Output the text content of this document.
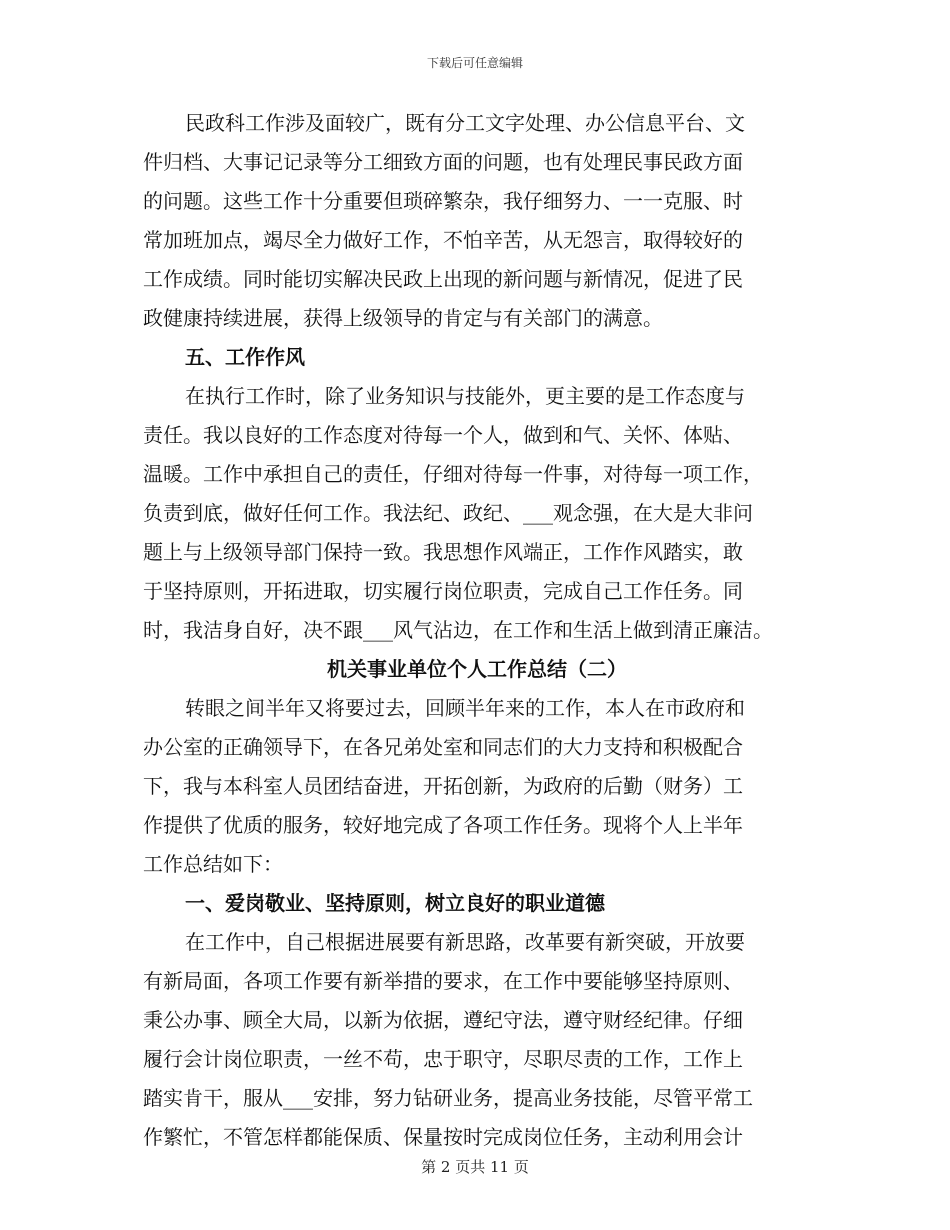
下载后可任意编辑
民政科工作涉及面较广，既有分工文字处理、办公信息平台、文
件归档、大事记记录等分工细致方面的问题，也有处理民事民政方面
的问题。这些工作十分重要但琐碎繁杂，我仔细努力、一一克服、时
常加班加点，竭尽全力做好工作，不怕辛苦，从无怨言，取得较好的
工作成绩。同时能切实解决民政上出现的新问题与新情况，促进了民
政健康持续进展，获得上级领导的肯定与有关部门的满意。
五、工作作风
在执行工作时，除了业务知识与技能外，更主要的是工作态度与
责任。我以良好的工作态度对待每一个人，做到和气、关怀、体贴、
温暖。工作中承担自己的责任，仔细对待每一件事，对待每一项工作，
负责到底，做好任何工作。我法纪、政纪、___观念强，在大是大非问
题上与上级领导部门保持一致。我思想作风端正，工作作风踏实，敢
于坚持原则，开拓进取，切实履行岗位职责，完成自己工作任务。同
时，我洁身自好，决不跟___风气沾边，在工作和生活上做到清正廉洁。
机关事业单位个人工作总结（二）
转眼之间半年又将要过去，回顾半年来的工作，本人在市政府和
办公室的正确领导下，在各兄弟处室和同志们的大力支持和积极配合
下，我与本科室人员团结奋进，开拓创新，为政府的后勤（财务）工
作提供了优质的服务，较好地完成了各项工作任务。现将个人上半年
工作总结如下：
一、爱岗敬业、坚持原则，树立良好的职业道德
在工作中，自己根据进展要有新思路，改革要有新突破，开放要
有新局面，各项工作要有新举措的要求，在工作中要能够坚持原则、
秉公办事、顾全大局，以新为依据，遵纪守法，遵守财经纪律。仔细
履行会计岗位职责，一丝不苟，忠于职守，尽职尽责的工作，工作上
踏实肯干，服从___安排，努力钻研业务，提高业务技能，尽管平常工
作繁忙，不管怎样都能保质、保量按时完成岗位任务，主动利用会计
第 2 页共 11 页
